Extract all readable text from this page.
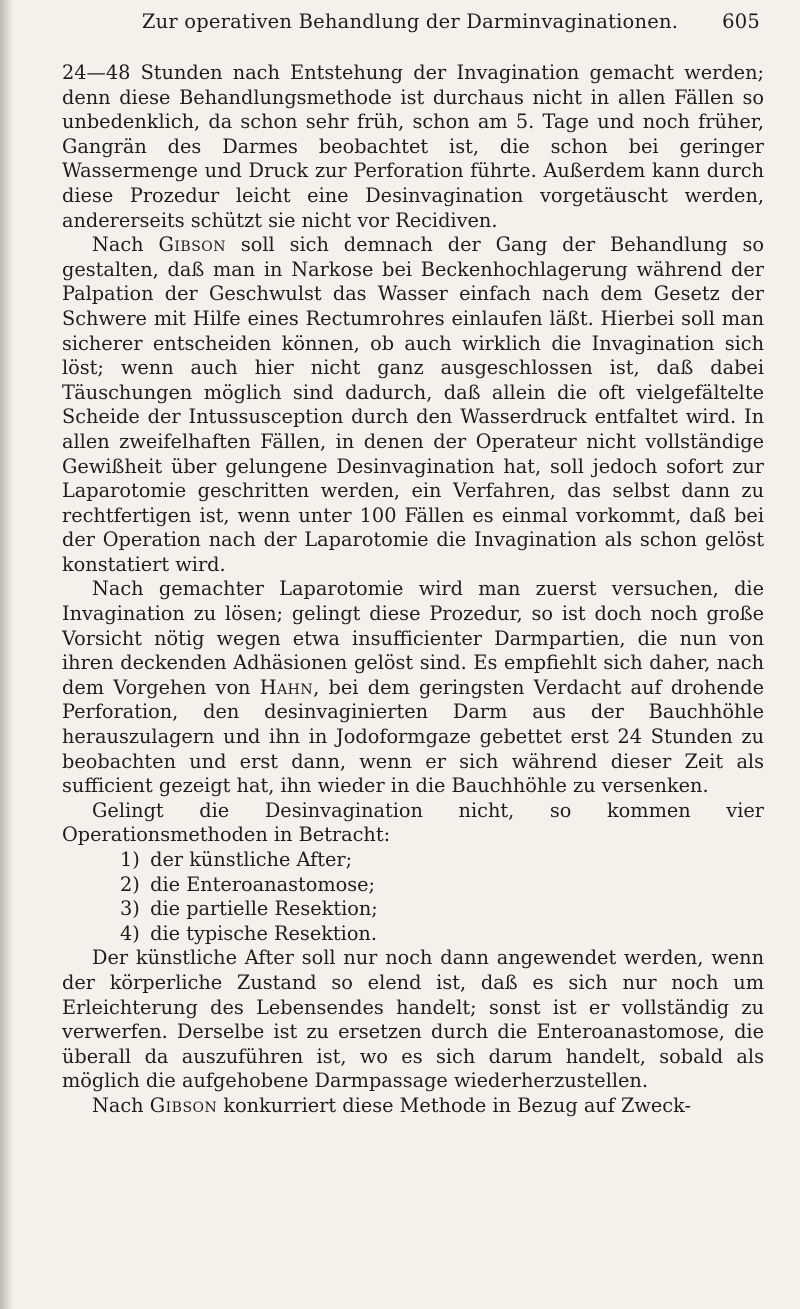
Zur operativen Behandlung der Darminvaginationen. 605

24—48 Stunden nach Entstehung der Invagination gemacht werden; denn diese Behandlungsmethode ist durchaus nicht in allen Fällen so unbedenklich, da schon sehr früh, schon am 5. Tage und noch früher, Gangrän des Darmes beobachtet ist, die schon bei geringer Wassermenge und Druck zur Perforation führte. Außerdem kann durch diese Prozedur leicht eine Desinvagination vorgetäuscht werden, andererseits schützt sie nicht vor Recidiven.

Nach Gibson soll sich demnach der Gang der Behandlung so gestalten, daß man in Narkose bei Beckenhochlagerung während der Palpation der Geschwulst das Wasser einfach nach dem Gesetz der Schwere mit Hilfe eines Rectumrohres einlaufen läßt. Hierbei soll man sicherer entscheiden können, ob auch wirklich die Invagination sich löst; wenn auch hier nicht ganz ausgeschlossen ist, daß dabei Täuschungen möglich sind dadurch, daß allein die oft vielgefältelte Scheide der Intussusception durch den Wasserdruck entfaltet wird. In allen zweifelhaften Fällen, in denen der Operateur nicht vollständige Gewißheit über gelungene Desinvagination hat, soll jedoch sofort zur Laparotomie geschritten werden, ein Verfahren, das selbst dann zu rechtfertigen ist, wenn unter 100 Fällen es einmal vorkommt, daß bei der Operation nach der Laparotomie die Invagination als schon gelöst konstatiert wird.

Nach gemachter Laparotomie wird man zuerst versuchen, die Invagination zu lösen; gelingt diese Prozedur, so ist doch noch große Vorsicht nötig wegen etwa insufficienter Darmpartien, die nun von ihren deckenden Adhäsionen gelöst sind. Es empfiehlt sich daher, nach dem Vorgehen von Hahn, bei dem geringsten Verdacht auf drohende Perforation, den desinvaginierten Darm aus der Bauchhöhle herauszulagern und ihn in Jodoformgaze gebettet erst 24 Stunden zu beobachten und erst dann, wenn er sich während dieser Zeit als sufficient gezeigt hat, ihn wieder in die Bauchhöhle zu versenken.

Gelingt die Desinvagination nicht, so kommen vier Operationsmethoden in Betracht:

1) der künstliche After;
2) die Enteroanastomose;
3) die partielle Resektion;
4) die typische Resektion.

Der künstliche After soll nur noch dann angewendet werden, wenn der körperliche Zustand so elend ist, daß es sich nur noch um Erleichterung des Lebensendes handelt; sonst ist er vollständig zu verwerfen. Derselbe ist zu ersetzen durch die Enteroanastomose, die überall da auszuführen ist, wo es sich darum handelt, sobald als möglich die aufgehobene Darmpassage wiederherzustellen.

Nach Gibson konkurriert diese Methode in Bezug auf Zweck-
